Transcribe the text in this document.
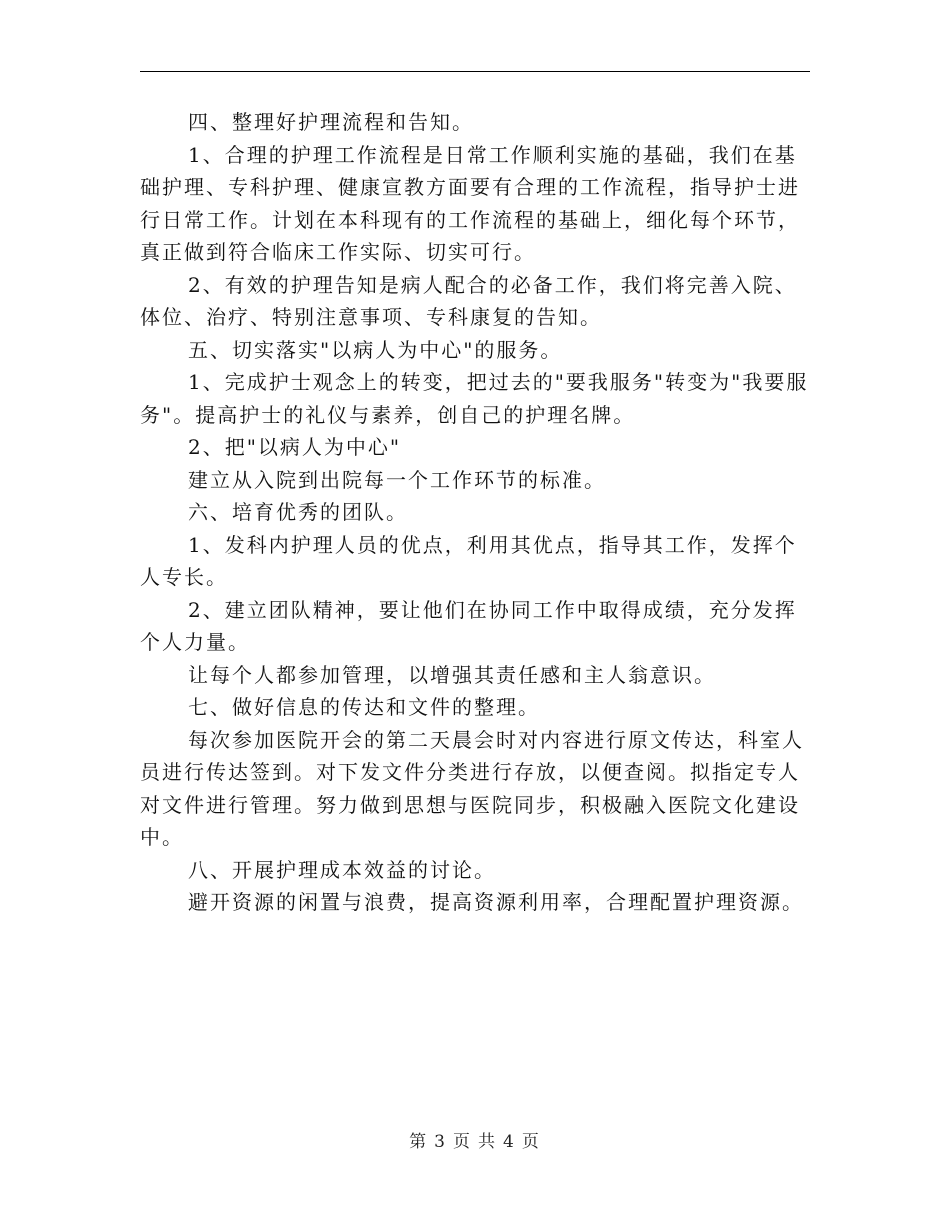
四、整理好护理流程和告知。

1、合理的护理工作流程是日常工作顺利实施的基础，我们在基础护理、专科护理、健康宣教方面要有合理的工作流程，指导护士进行日常工作。计划在本科现有的工作流程的基础上，细化每个环节，真正做到符合临床工作实际、切实可行。

2、有效的护理告知是病人配合的必备工作，我们将完善入院、体位、治疗、特别注意事项、专科康复的告知。

五、切实落实"以病人为中心"的服务。

1、完成护士观念上的转变，把过去的"要我服务"转变为"我要服务"。提高护士的礼仪与素养，创自己的护理名牌。

2、把"以病人为中心"

建立从入院到出院每一个工作环节的标准。

六、培育优秀的团队。

1、发科内护理人员的优点，利用其优点，指导其工作，发挥个人专长。

2、建立团队精神，要让他们在协同工作中取得成绩，充分发挥个人力量。

让每个人都参加管理，以增强其责任感和主人翁意识。

七、做好信息的传达和文件的整理。

每次参加医院开会的第二天晨会时对内容进行原文传达，科室人员进行传达签到。对下发文件分类进行存放，以便查阅。拟指定专人对文件进行管理。努力做到思想与医院同步，积极融入医院文化建设中。

八、开展护理成本效益的讨论。

避开资源的闲置与浪费，提高资源利用率，合理配置护理资源。

第 3 页 共 4 页
